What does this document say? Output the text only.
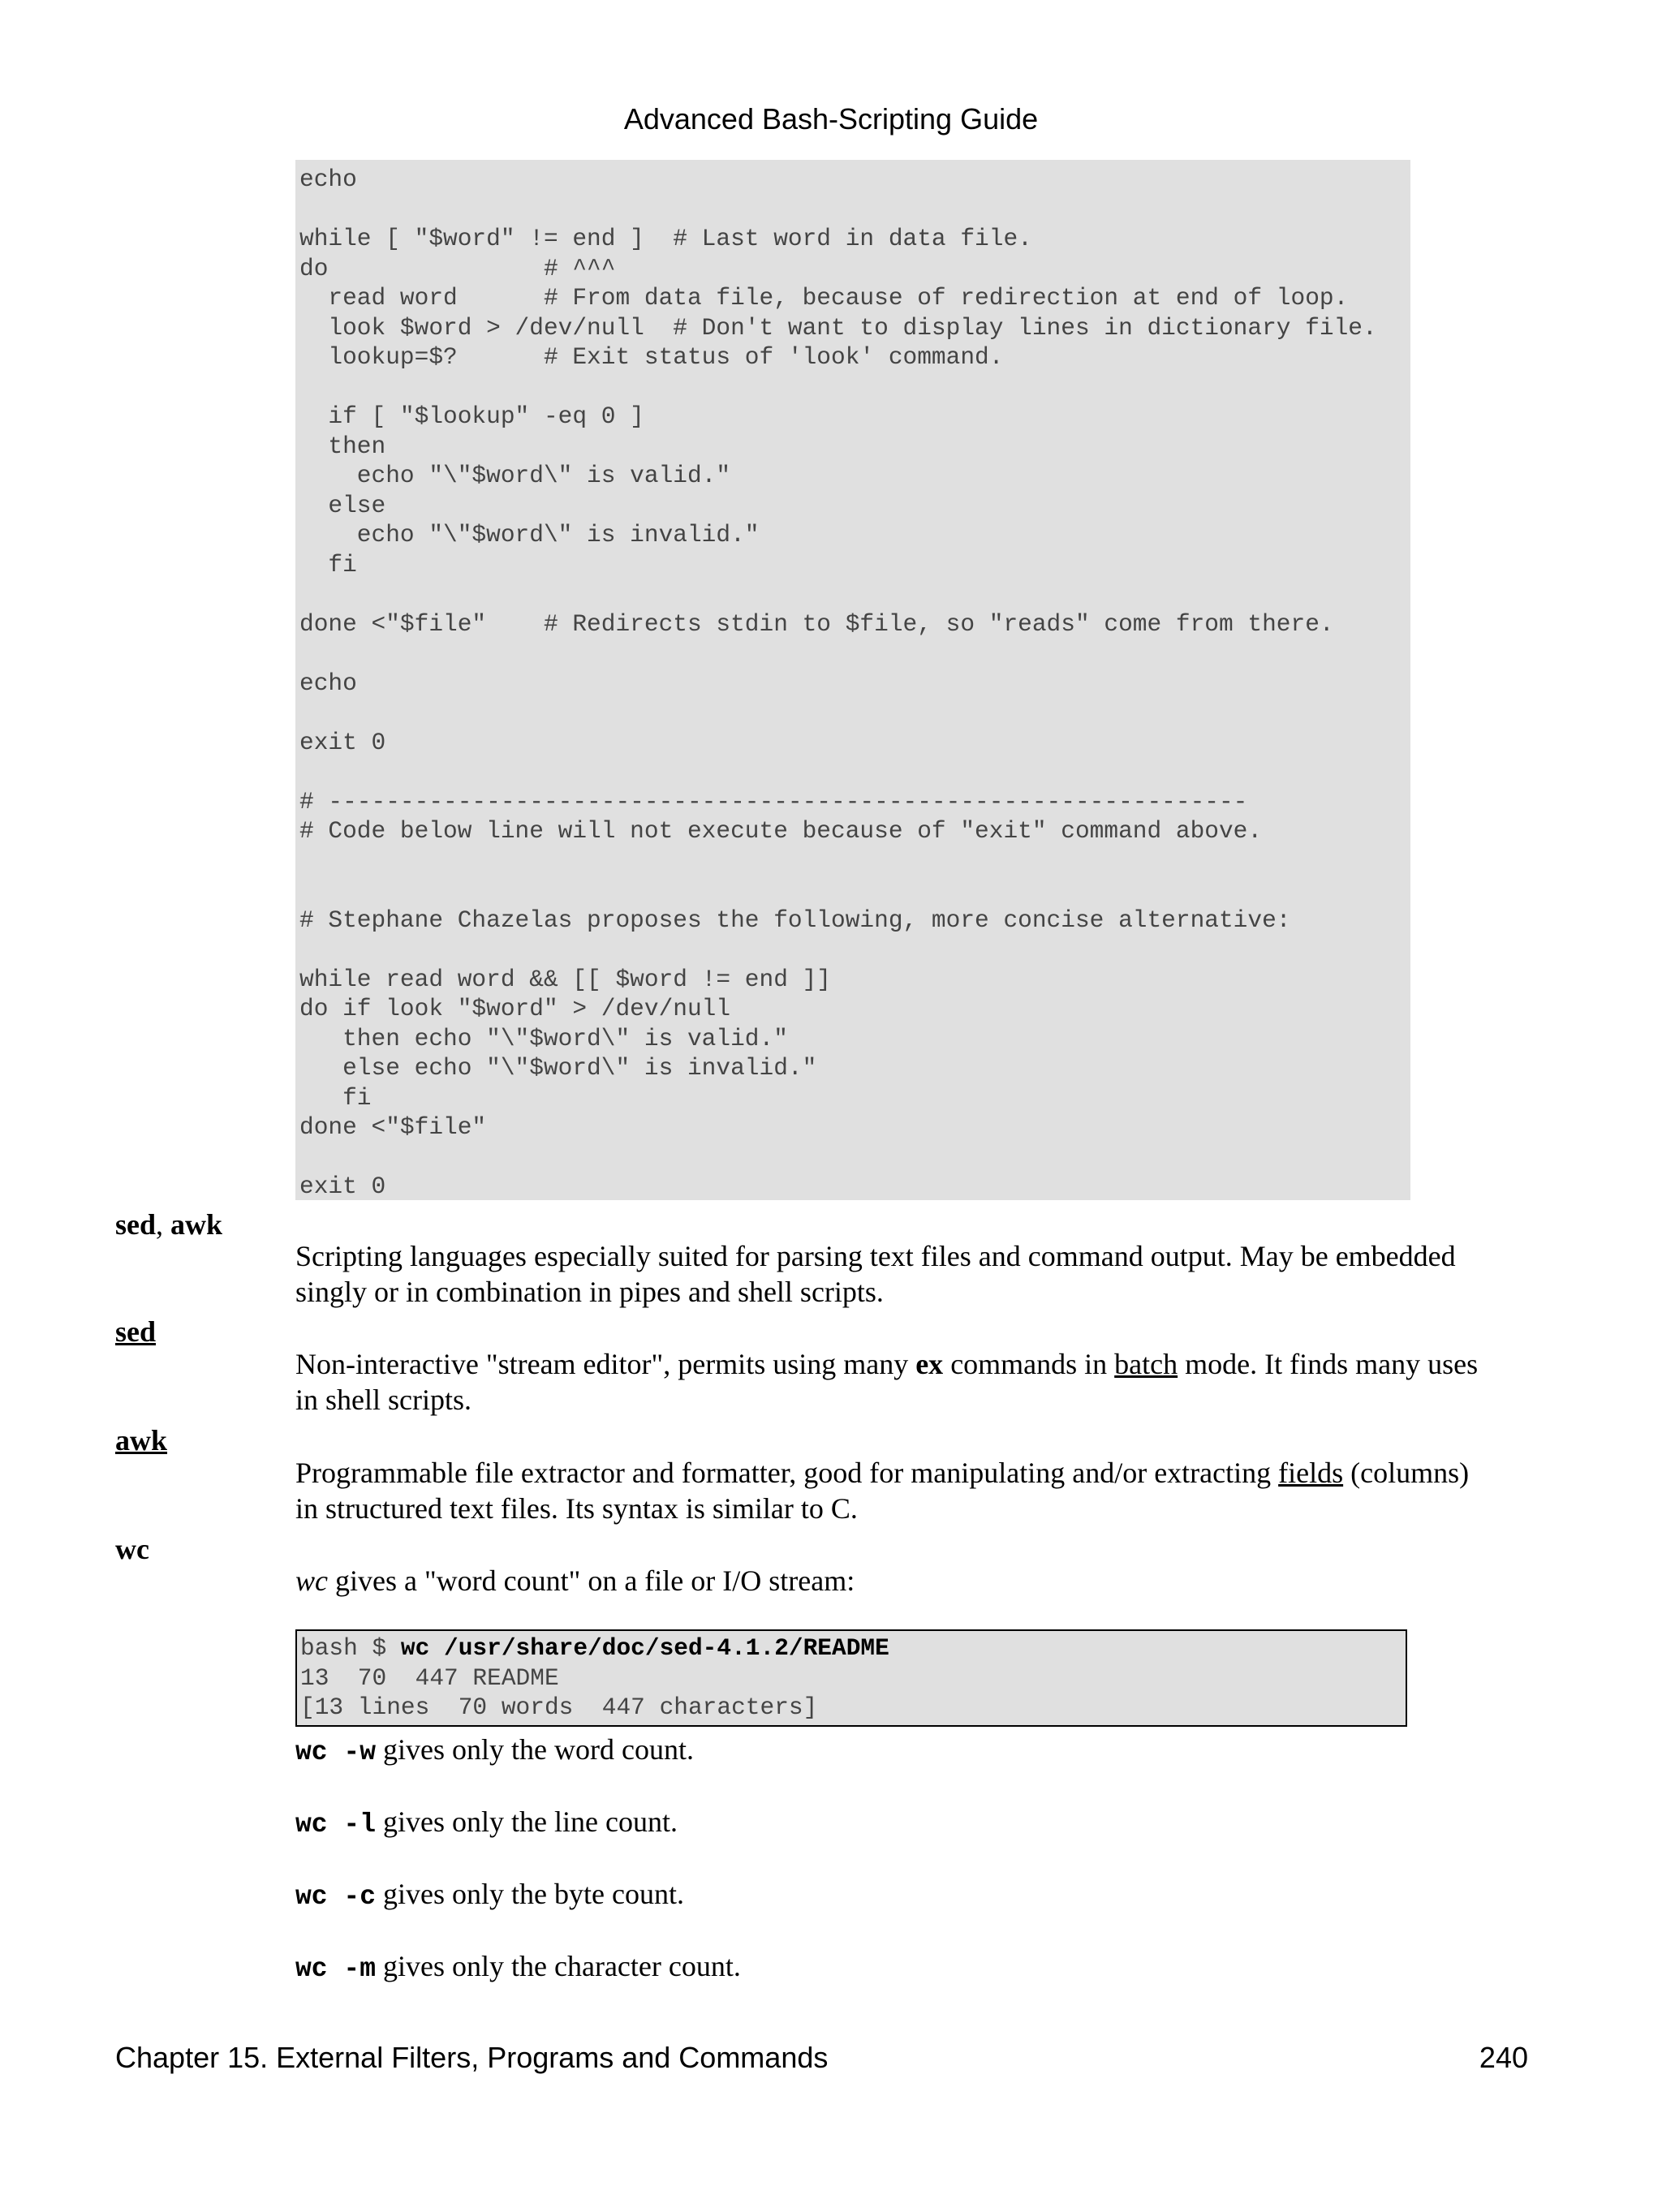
Advanced Bash-Scripting Guide
echo
while [ "$word" != end ]  # Last word in data file.
do               # ^^^
read word      # From data file, because of redirection at end of loop.
look $word > /dev/null  # Don't want to display lines in dictionary file.
lookup=$?      # Exit status of 'look' command.
if [ "$lookup" -eq 0 ]
then
echo "\"$word\" is valid."
else
echo "\"$word\" is invalid."
fi
done <"$file"    # Redirects stdin to $file, so "reads" come from there.
echo
exit 0
# ----------------------------------------------------------------
# Code below line will not execute because of "exit" command above.
# Stephane Chazelas proposes the following, more concise alternative:
while read word && [[ $word != end ]]
do if look "$word" > /dev/null
then echo "\"$word\" is valid."
else echo "\"$word\" is invalid."
fi
done <"$file"
exit 0
sed, awk
Scripting languages especially suited for parsing text files and command output. May be embedded
singly or in combination in pipes and shell scripts.
sed
Non-interactive "stream editor", permits using many ex commands in batch mode. It finds many uses
in shell scripts.
awk
Programmable file extractor and formatter, good for manipulating and/or extracting fields (columns)
in structured text files. Its syntax is similar to C.
wc
wc gives a "word count" on a file or I/O stream:
bash $ wc /usr/share/doc/sed-4.1.2/README
13  70  447 README
[13 lines  70 words  447 characters]
wc -w gives only the word count.
wc -l gives only the line count.
wc -c gives only the byte count.
wc -m gives only the character count.
Chapter 15. External Filters, Programs and Commands	240
